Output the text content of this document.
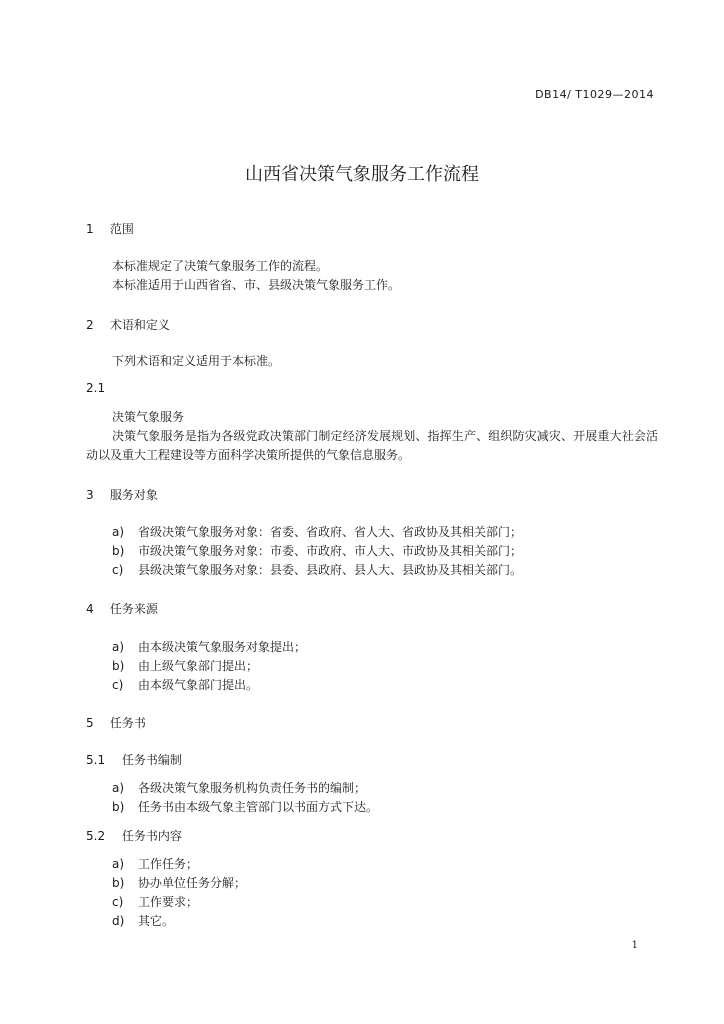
DB14/ T1029—2014
山西省决策气象服务工作流程
1 范围
本标准规定了决策气象服务工作的流程。
本标准适用于山西省省、市、县级决策气象服务工作。
2 术语和定义
下列术语和定义适用于本标准。
2.1
决策气象服务
决策气象服务是指为各级党政决策部门制定经济发展规划、指挥生产、组织防灾减灾、开展重大社会活动以及重大工程建设等方面科学决策所提供的气象信息服务。
3 服务对象
a) 省级决策气象服务对象：省委、省政府、省人大、省政协及其相关部门；
b) 市级决策气象服务对象：市委、市政府、市人大、市政协及其相关部门；
c) 县级决策气象服务对象：县委、县政府、县人大、县政协及其相关部门。
4 任务来源
a) 由本级决策气象服务对象提出；
b) 由上级气象部门提出；
c) 由本级气象部门提出。
5 任务书
5.1 任务书编制
a) 各级决策气象服务机构负责任务书的编制；
b) 任务书由本级气象主管部门以书面方式下达。
5.2 任务书内容
a) 工作任务；
b) 协办单位任务分解；
c) 工作要求；
d) 其它。
1
